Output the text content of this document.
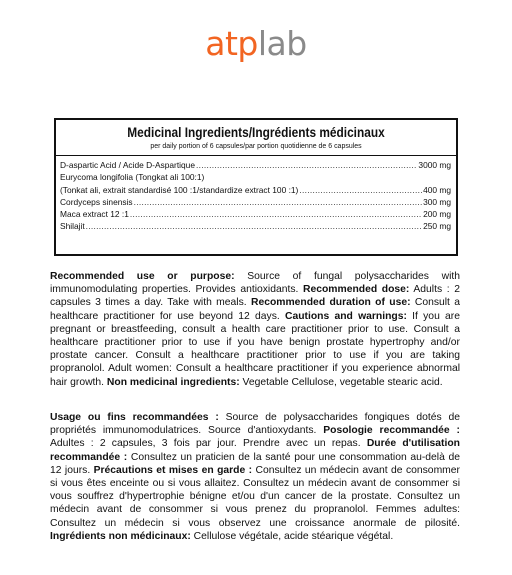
atplab
Medicinal Ingredients/Ingrédients médicinaux
per daily portion of 6 capsules/par portion quotidienne de 6 capsules
D-aspartic Acid / Acide D-Aspartique .....	3000 mg
Eurycoma longifolia (Tongkat ali 100:1)
(Tonkat ali, extrait standardisé 100 :1/standardize extract 100 :1) .....	400 mg
Cordyceps sinensis .....	300 mg
Maca extract 12 :1 .....	200 mg
Shilajit .....	250 mg

Recommended use or purpose: Source of fungal polysaccharides with immunomodulating properties. Provides antioxidants. Recommended dose: Adults : 2 capsules 3 times a day. Take with meals. Recommended duration of use: Consult a healthcare practitioner for use beyond 12 days. Cautions and warnings: If you are pregnant or breastfeeding, consult a health care practitioner prior to use. Consult a healthcare practitioner prior to use if you have benign prostate hypertrophy and/or prostate cancer. Consult a healthcare practitioner prior to use if you are taking propranolol. Adult women: Consult a healthcare practitioner if you experience abnormal hair growth. Non medicinal ingredients: Vegetable Cellulose, vegetable stearic acid.

Usage ou fins recommandées : Source de polysaccharides fongiques dotés de propriétés immunomodulatrices. Source d'antioxydants. Posologie recommandée : Adultes : 2 capsules, 3 fois par jour. Prendre avec un repas. Durée d'utilisation recommandée : Consultez un praticien de la santé pour une consommation au-delà de 12 jours. Précautions et mises en garde : Consultez un médecin avant de consommer si vous êtes enceinte ou si vous allaitez. Consultez un médecin avant de consommer si vous souffrez d'hypertrophie bénigne et/ou d'un cancer de la prostate. Consultez un médecin avant de consommer si vous prenez du propranolol. Femmes adultes: Consultez un médecin si vous observez une croissance anormale de pilosité. Ingrédients non médicinaux: Cellulose végétale, acide stéarique végétal.
